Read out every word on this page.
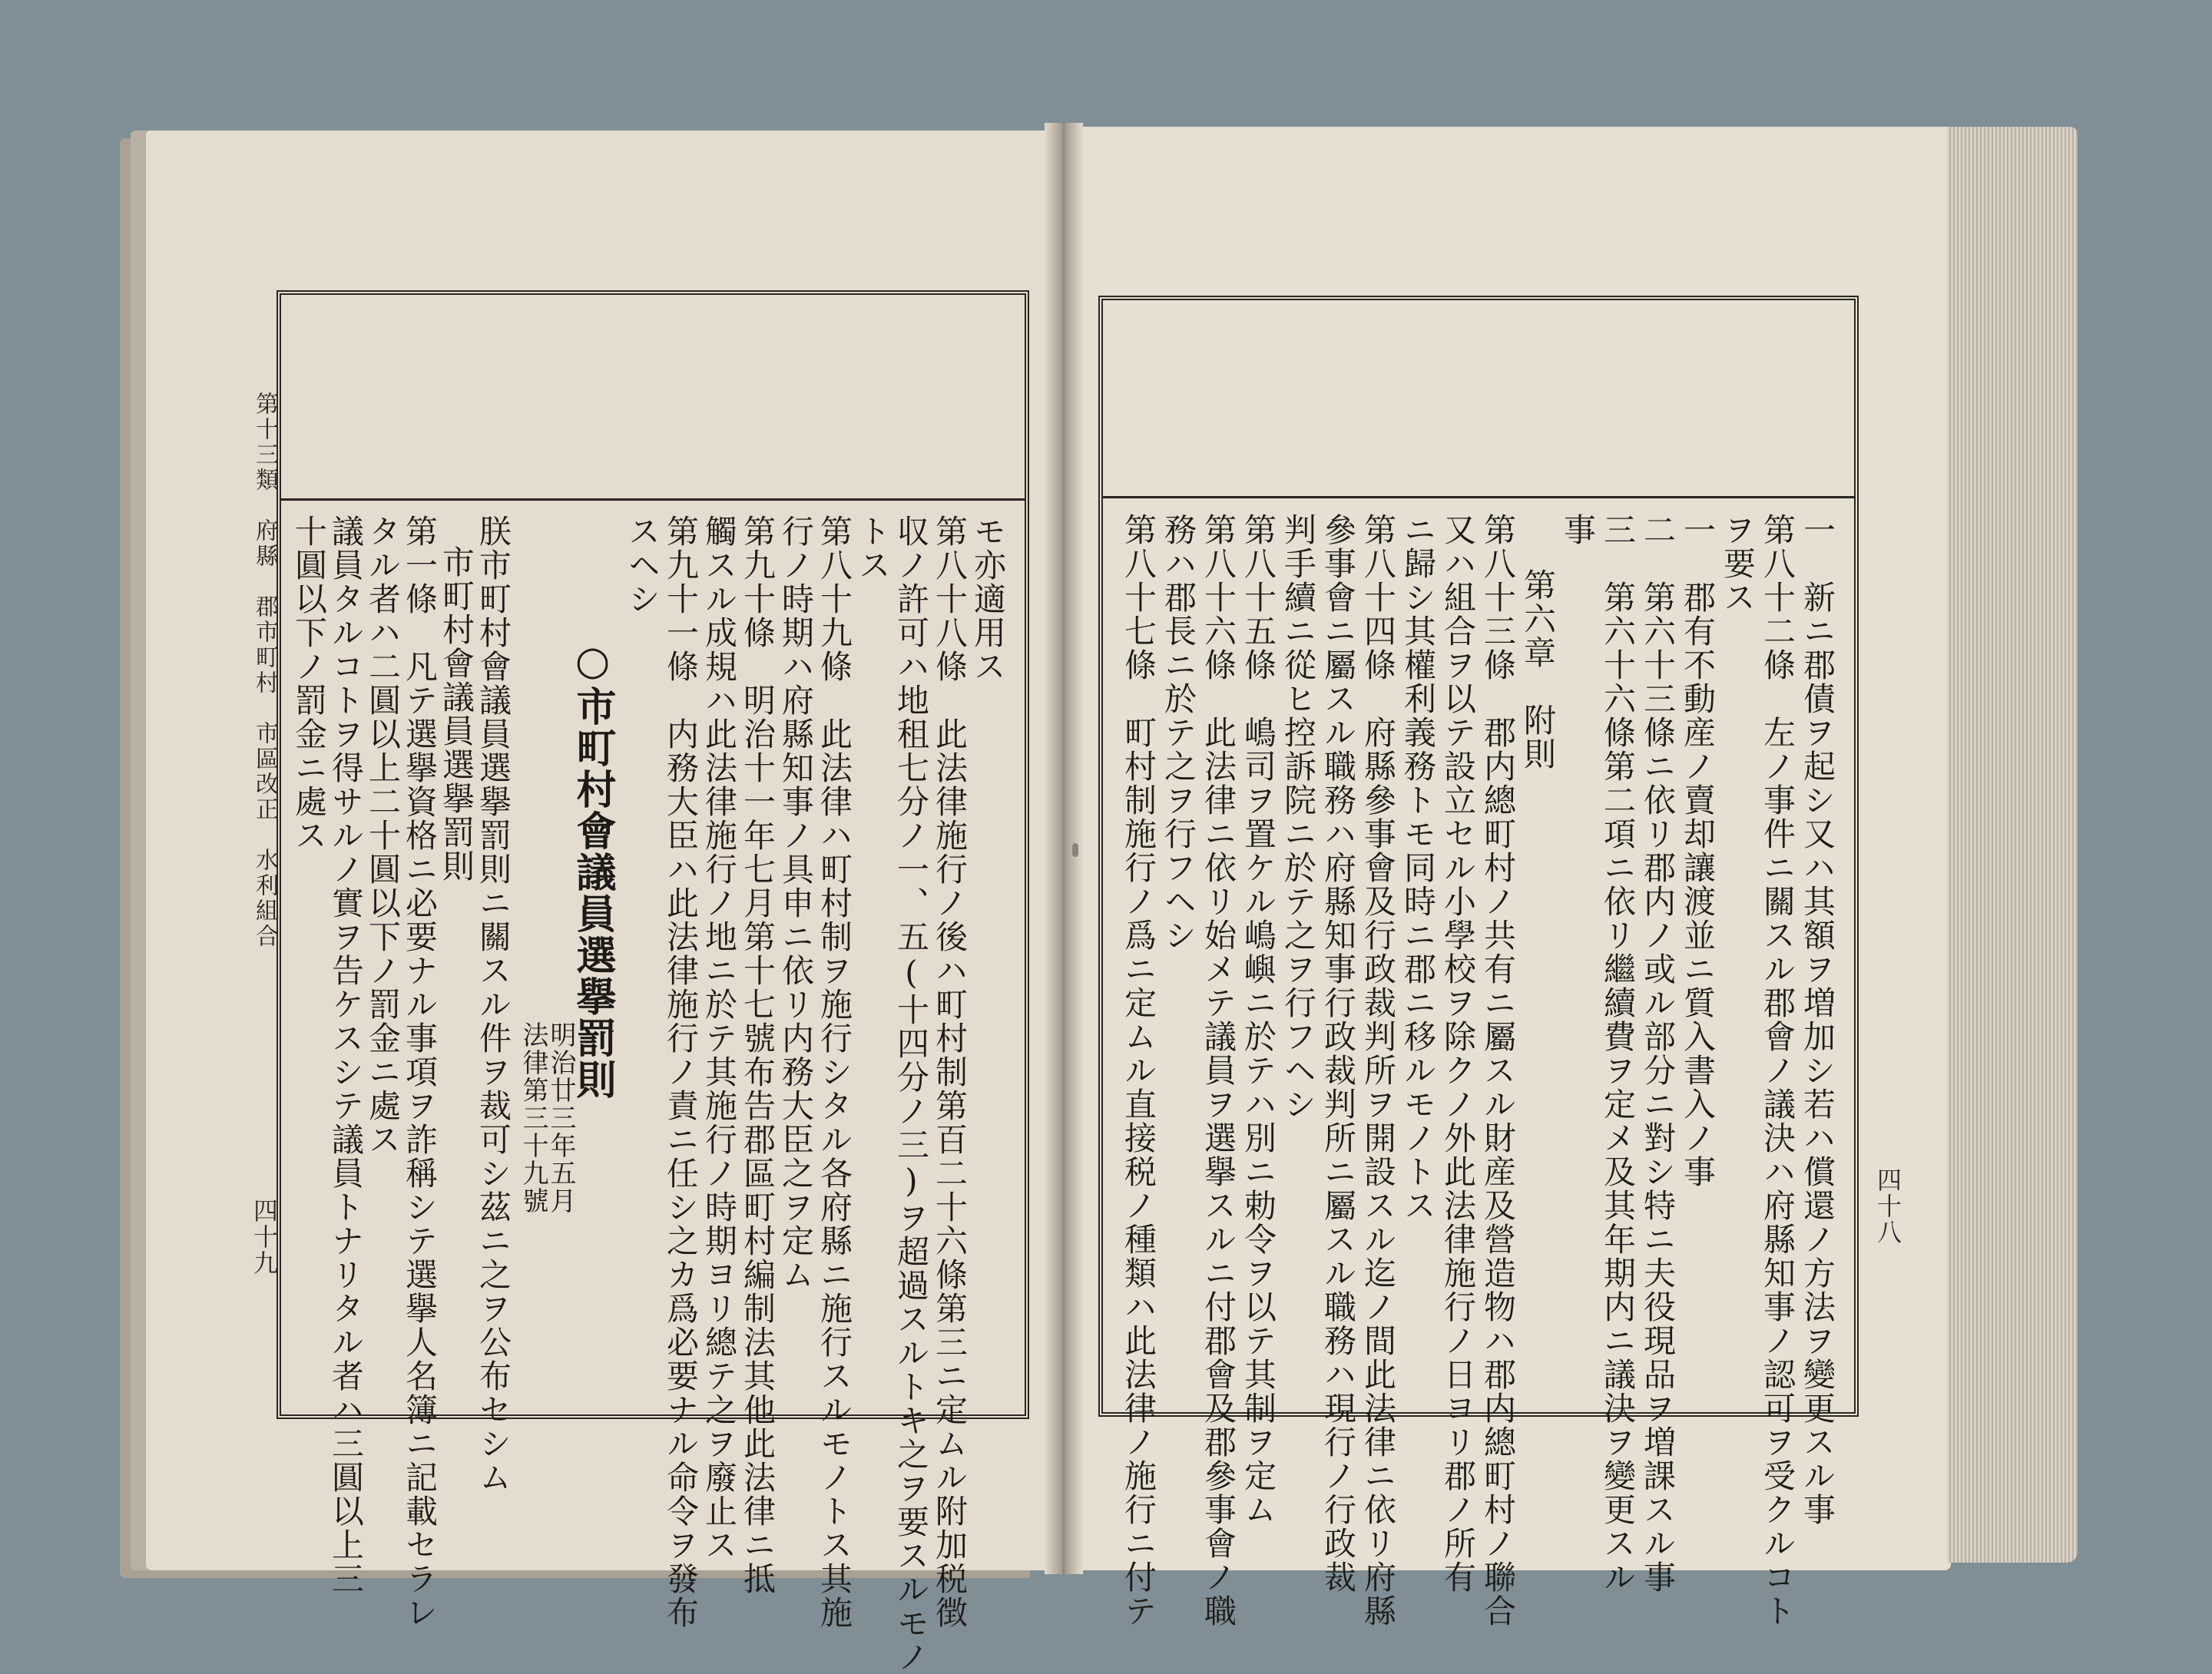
第十三類　府縣　郡市町村　市區改正　水利組合
四十九
モ亦適用ス
第八十八條　此法律施行ノ後ハ町村制第百二十六條第三ニ定ムル附加税徴
収ノ許可ハ地租七分ノ一、五(十四分ノ三)ヲ超過スルトキ之ヲ要スルモノ
トス
第八十九條　此法律ハ町村制ヲ施行シタル各府縣ニ施行スルモノトス其施
行ノ時期ハ府縣知事ノ具申ニ依リ内務大臣之ヲ定ム
第九十條　明治十一年七月第十七號布告郡區町村編制法其他此法律ニ抵
觸スル成規ハ此法律施行ノ地ニ於テ其施行ノ時期ヨリ總テ之ヲ廢止ス
第九十一條　内務大臣ハ此法律施行ノ責ニ任シ之カ爲必要ナル命令ヲ發布
スヘシ
○市町村會議員選擧罰則
明治廿三年五月
法律第三十九號
朕市町村會議員選擧罰則ニ關スル件ヲ裁可シ茲ニ之ヲ公布セシム
市町村會議員選擧罰則
第一條　凡テ選擧資格ニ必要ナル事項ヲ詐稱シテ選擧人名簿ニ記載セラレ
タル者ハ二圓以上二十圓以下ノ罰金ニ處ス
議員タルコトヲ得サルノ實ヲ告ケスシテ議員トナリタル者ハ三圓以上三	四十八
一　新ニ郡債ヲ起シ又ハ其額ヲ増加シ若ハ償還ノ方法ヲ變更スル事
第八十二條　左ノ事件ニ關スル郡會ノ議決ハ府縣知事ノ認可ヲ受クルコト
ヲ要ス
一　郡有不動産ノ賣却讓渡並ニ質入書入ノ事
二　第六十三條ニ依リ郡内ノ或ル部分ニ對シ特ニ夫役現品ヲ増課スル事
三　第六十六條第二項ニ依リ繼續費ヲ定メ及其年期内ニ議決ヲ變更スル
事
第六章　附則
第八十三條　郡内總町村ノ共有ニ屬スル財産及營造物ハ郡内總町村ノ聯合
又ハ組合ヲ以テ設立セル小學校ヲ除クノ外此法律施行ノ日ヨリ郡ノ所有
ニ歸シ其權利義務トモ同時ニ郡ニ移ルモノトス
第八十四條　府縣參事會及行政裁判所ヲ開設スル迄ノ間此法律ニ依リ府縣
參事會ニ屬スル職務ハ府縣知事行政裁判所ニ屬スル職務ハ現行ノ行政裁
判手續ニ從ヒ控訴院ニ於テ之ヲ行フヘシ
第八十五條　嶋司ヲ置ケル嶋嶼ニ於テハ別ニ勅令ヲ以テ其制ヲ定ム
第八十六條　此法律ニ依リ始メテ議員ヲ選擧スルニ付郡會及郡參事會ノ職
務ハ郡長ニ於テ之ヲ行フヘシ
第八十七條　町村制施行ノ爲ニ定ムル直接税ノ種類ハ此法律ノ施行ニ付テ
十圓以下ノ罰金ニ處ス
